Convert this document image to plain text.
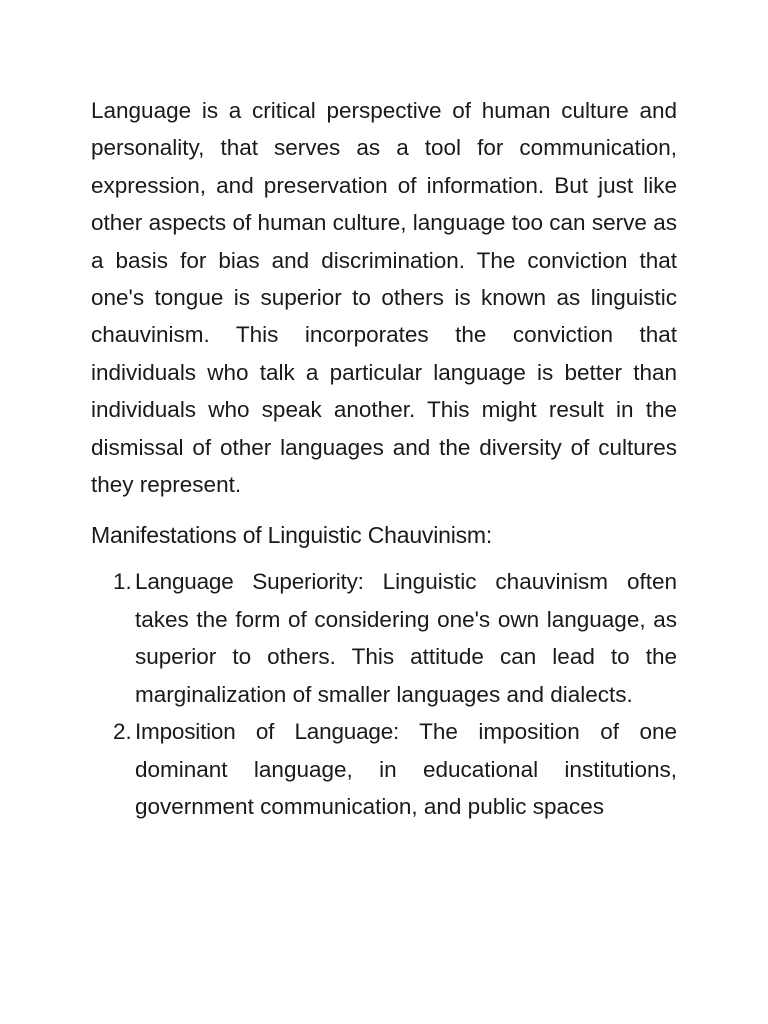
Language is a critical perspective of human culture and personality, that serves as a tool for communication, expression, and preservation of information. But just like other aspects of human culture, language too can serve as a basis for bias and discrimination. The conviction that one's tongue is superior to others is known as linguistic chauvinism. This incorporates the conviction that individuals who talk a particular language is better than individuals who speak another. This might result in the dismissal of other languages and the diversity of cultures they represent.

Manifestations of Linguistic Chauvinism:
1. Language Superiority: Linguistic chauvinism often takes the form of considering one's own language, as superior to others. This attitude can lead to the marginalization of smaller languages and dialects.
2. Imposition of Language: The imposition of one dominant language, in educational institutions, government communication, and public spaces
